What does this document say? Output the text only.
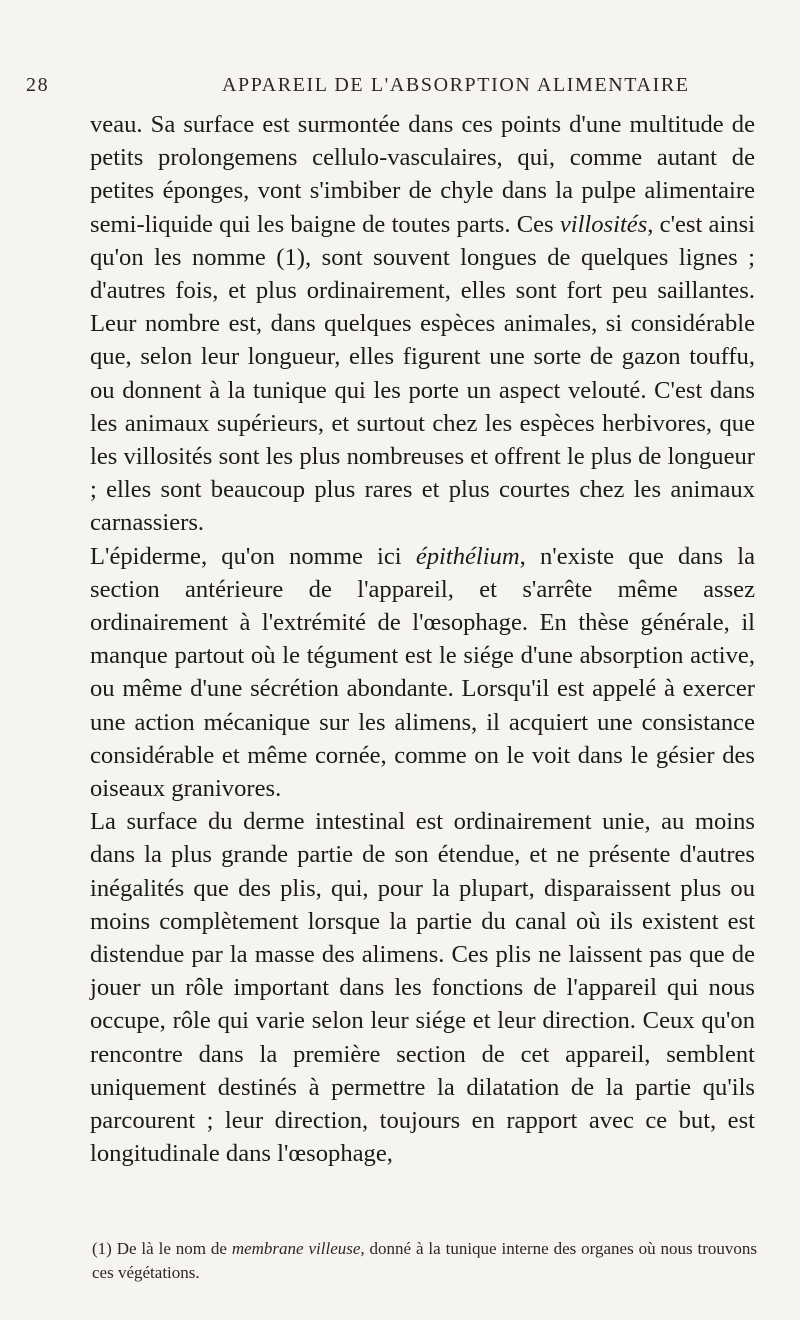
28	APPAREIL DE L'ABSORPTION ALIMENTAIRE

veau. Sa surface est surmontée dans ces points d'une multitude de petits prolongemens cellulo-vasculaires, qui, comme autant de petites éponges, vont s'imbiber de chyle dans la pulpe alimentaire semi-liquide qui les baigne de toutes parts. Ces villosités, c'est ainsi qu'on les nomme (1), sont souvent longues de quelques lignes ; d'autres fois, et plus ordinairement, elles sont fort peu saillantes. Leur nombre est, dans quelques espèces animales, si considérable que, selon leur longueur, elles figurent une sorte de gazon touffu, ou donnent à la tunique qui les porte un aspect velouté. C'est dans les animaux supérieurs, et surtout chez les espèces herbivores, que les villosités sont les plus nombreuses et offrent le plus de longueur ; elles sont beaucoup plus rares et plus courtes chez les animaux carnassiers.

L'épiderme, qu'on nomme ici épithélium, n'existe que dans la section antérieure de l'appareil, et s'arrête même assez ordinairement à l'extrémité de l'œsophage. En thèse générale, il manque partout où le tégument est le siége d'une absorption active, ou même d'une sécrétion abondante. Lorsqu'il est appelé à exercer une action mécanique sur les alimens, il acquiert une consistance considérable et même cornée, comme on le voit dans le gésier des oiseaux granivores.

La surface du derme intestinal est ordinairement unie, au moins dans la plus grande partie de son étendue, et ne présente d'autres inégalités que des plis, qui, pour la plupart, disparaissent plus ou moins complètement lorsque la partie du canal où ils existent est distendue par la masse des alimens. Ces plis ne laissent pas que de jouer un rôle important dans les fonctions de l'appareil qui nous occupe, rôle qui varie selon leur siége et leur direction. Ceux qu'on rencontre dans la première section de cet appareil, semblent uniquement destinés à permettre la dilatation de la partie qu'ils parcourent ; leur direction, toujours en rapport avec ce but, est longitudinale dans l'œsophage,

(1) De là le nom de membrane villeuse, donné à la tunique interne des organes où nous trouvons ces végétations.
